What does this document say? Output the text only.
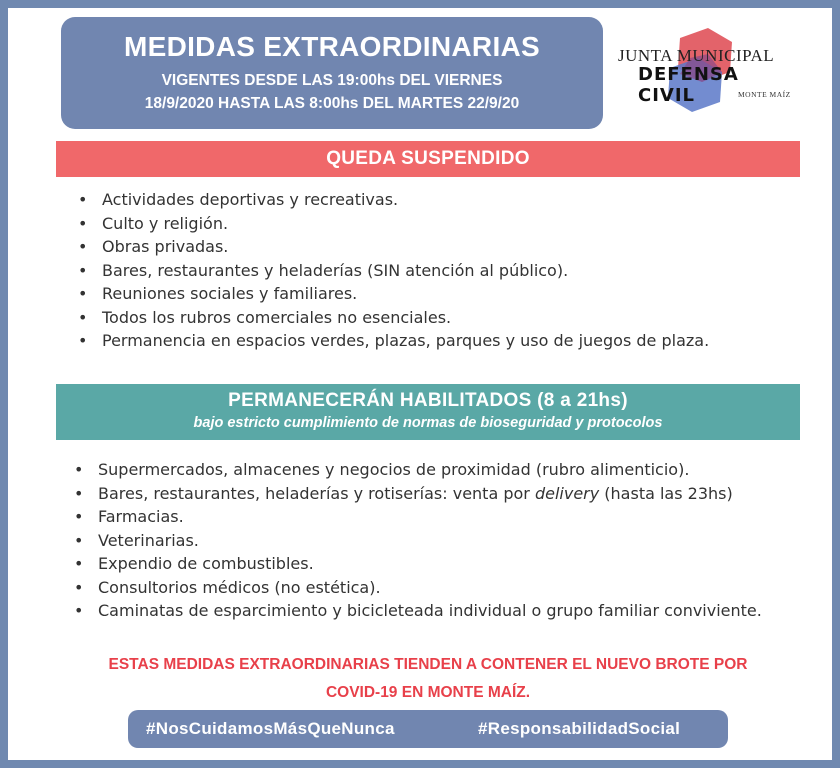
MEDIDAS EXTRAORDINARIAS
VIGENTES DESDE LAS 19:00hs DEL VIERNES
18/9/2020 HASTA LAS 8:00hs DEL MARTES 22/9/20
JUNTA MUNICIPAL
DEFENSA CIVIL	MONTE MAÍZ
QUEDA SUSPENDIDO
• Actividades deportivas y recreativas.
• Culto y religión.
• Obras privadas.
• Bares, restaurantes y heladerías (SIN atención al público).
• Reuniones sociales y familiares.
• Todos los rubros comerciales no esenciales.
• Permanencia en espacios verdes, plazas, parques y uso de juegos de plaza.
PERMANECERÁN HABILITADOS (8 a 21hs)
bajo estricto cumplimiento de normas de bioseguridad y protocolos
• Supermercados, almacenes y negocios de proximidad (rubro alimenticio).
• Bares, restaurantes, heladerías y rotiserías: venta por delivery (hasta las 23hs)
• Farmacias.
• Veterinarias.
• Expendio de combustibles.
• Consultorios médicos (no estética).
• Caminatas de esparcimiento y bicicleteada individual o grupo familiar conviviente.
ESTAS MEDIDAS EXTRAORDINARIAS TIENDEN A CONTENER EL NUEVO BROTE POR
COVID-19 EN MONTE MAÍZ.
#NosCuidamosMásQueNunca	#ResponsabilidadSocial
